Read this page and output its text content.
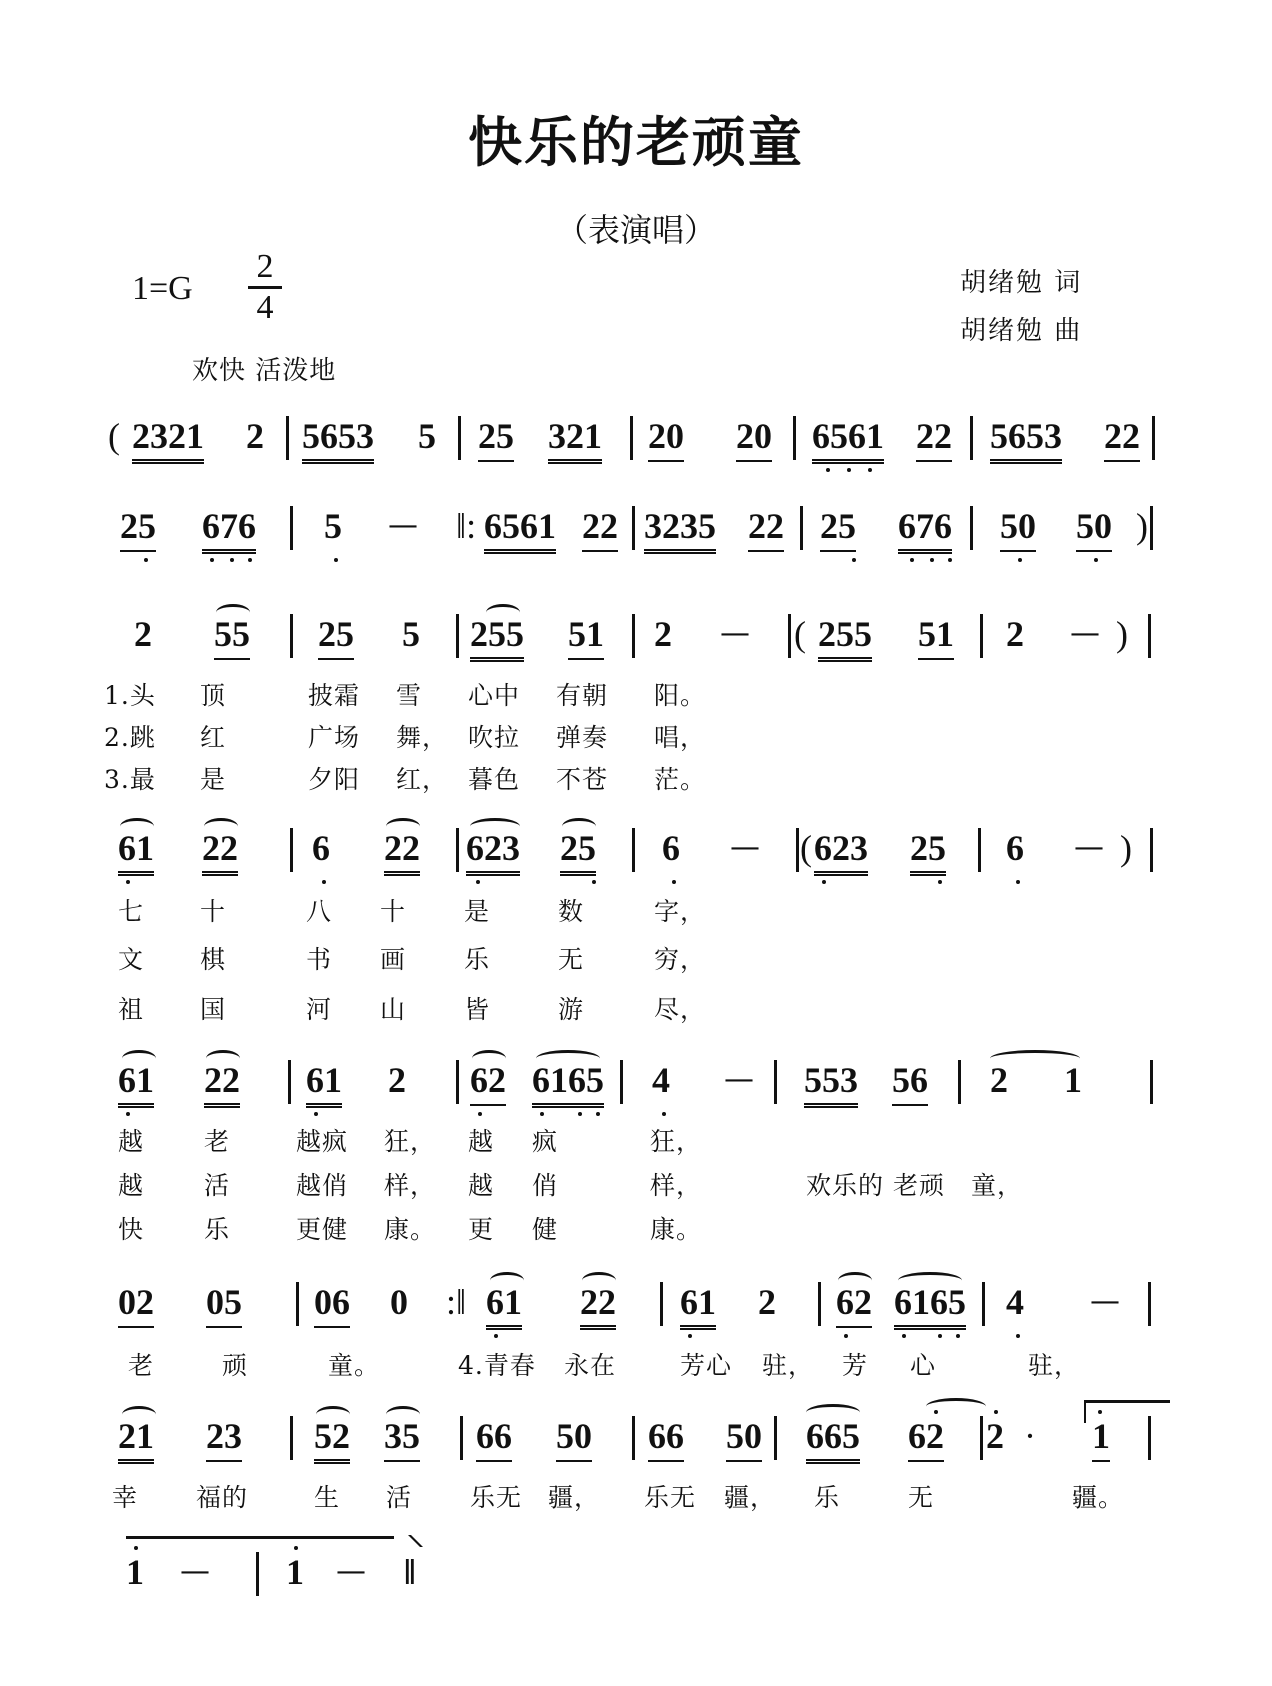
快乐的老顽童
（表演唱）
1=G
2
4
胡绪勉 词
胡绪勉 曲
欢快 活泼地
( 2321 2 5653 5 25 321 20 20 6561 22 5653 22
25 676 5 — ‖: 6561 22 3235 22 25 676 50 50 )
2 55 25 5 255 51 2 — ( 255 51 2 — )
1.头 顶	披霜 雪 心中 有朝 阳。
2.跳 红	广场 舞， 吹拉 弹奏 唱，
3.最 是	夕阳 红， 暮色 不苍 茫。
61 22 6 22 623 25 6 — ( 623 25 6 — )
七 十	八 十 是	数	字，
文 棋	书 画 乐	无	穷，
祖 国	河 山 皆	游	尽，
61 22 61 2 62 6165 4 — 553 56 2 1
越 老	越疯 狂， 越 疯	狂，
越 活	越俏 样， 越 俏	样，	欢乐的 老顽　童，
快 乐	更健 康。 更 健	康。
02 05 06 0 :‖ 61 22 61 2 62 6165 4 —
老	顽	童。	4.青春 永在	芳心 驻， 芳 心	驻，
21 23 52 35 66 50 66 50 665 62 2 · 1
幸 福的	生 活 乐无 疆， 乐无 疆， 乐	无	疆。
1 — 1 — ‖
